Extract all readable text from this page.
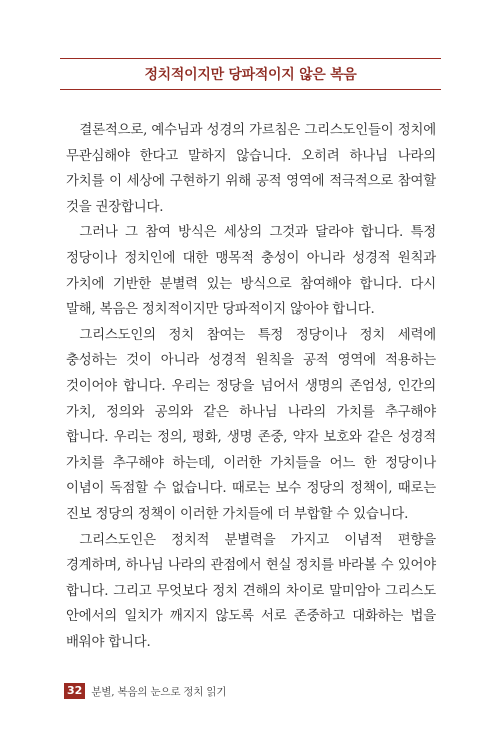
정치적이지만 당파적이지 않은 복음

결론적으로, 예수님과 성경의 가르침은 그리스도인들이 정치에 무관심해야 한다고 말하지 않습니다. 오히려 하나님 나라의 가치를 이 세상에 구현하기 위해 공적 영역에 적극적으로 참여할 것을 권장합니다.

그러나 그 참여 방식은 세상의 그것과 달라야 합니다. 특정 정당이나 정치인에 대한 맹목적 충성이 아니라 성경적 원칙과 가치에 기반한 분별력 있는 방식으로 참여해야 합니다. 다시 말해, 복음은 정치적이지만 당파적이지 않아야 합니다.

그리스도인의 정치 참여는 특정 정당이나 정치 세력에 충성하는 것이 아니라 성경적 원칙을 공적 영역에 적용하는 것이어야 합니다. 우리는 정당을 넘어서 생명의 존엄성, 인간의 가치, 정의와 공의와 같은 하나님 나라의 가치를 추구해야 합니다. 우리는 정의, 평화, 생명 존중, 약자 보호와 같은 성경적 가치를 추구해야 하는데, 이러한 가치들을 어느 한 정당이나 이념이 독점할 수 없습니다. 때로는 보수 정당의 정책이, 때로는 진보 정당의 정책이 이러한 가치들에 더 부합할 수 있습니다.

그리스도인은 정치적 분별력을 가지고 이념적 편향을 경계하며, 하나님 나라의 관점에서 현실 정치를 바라볼 수 있어야 합니다. 그리고 무엇보다 정치 견해의 차이로 말미암아 그리스도 안에서의 일치가 깨지지 않도록 서로 존중하고 대화하는 법을 배워야 합니다.

32 분별, 복음의 눈으로 정치 읽기
